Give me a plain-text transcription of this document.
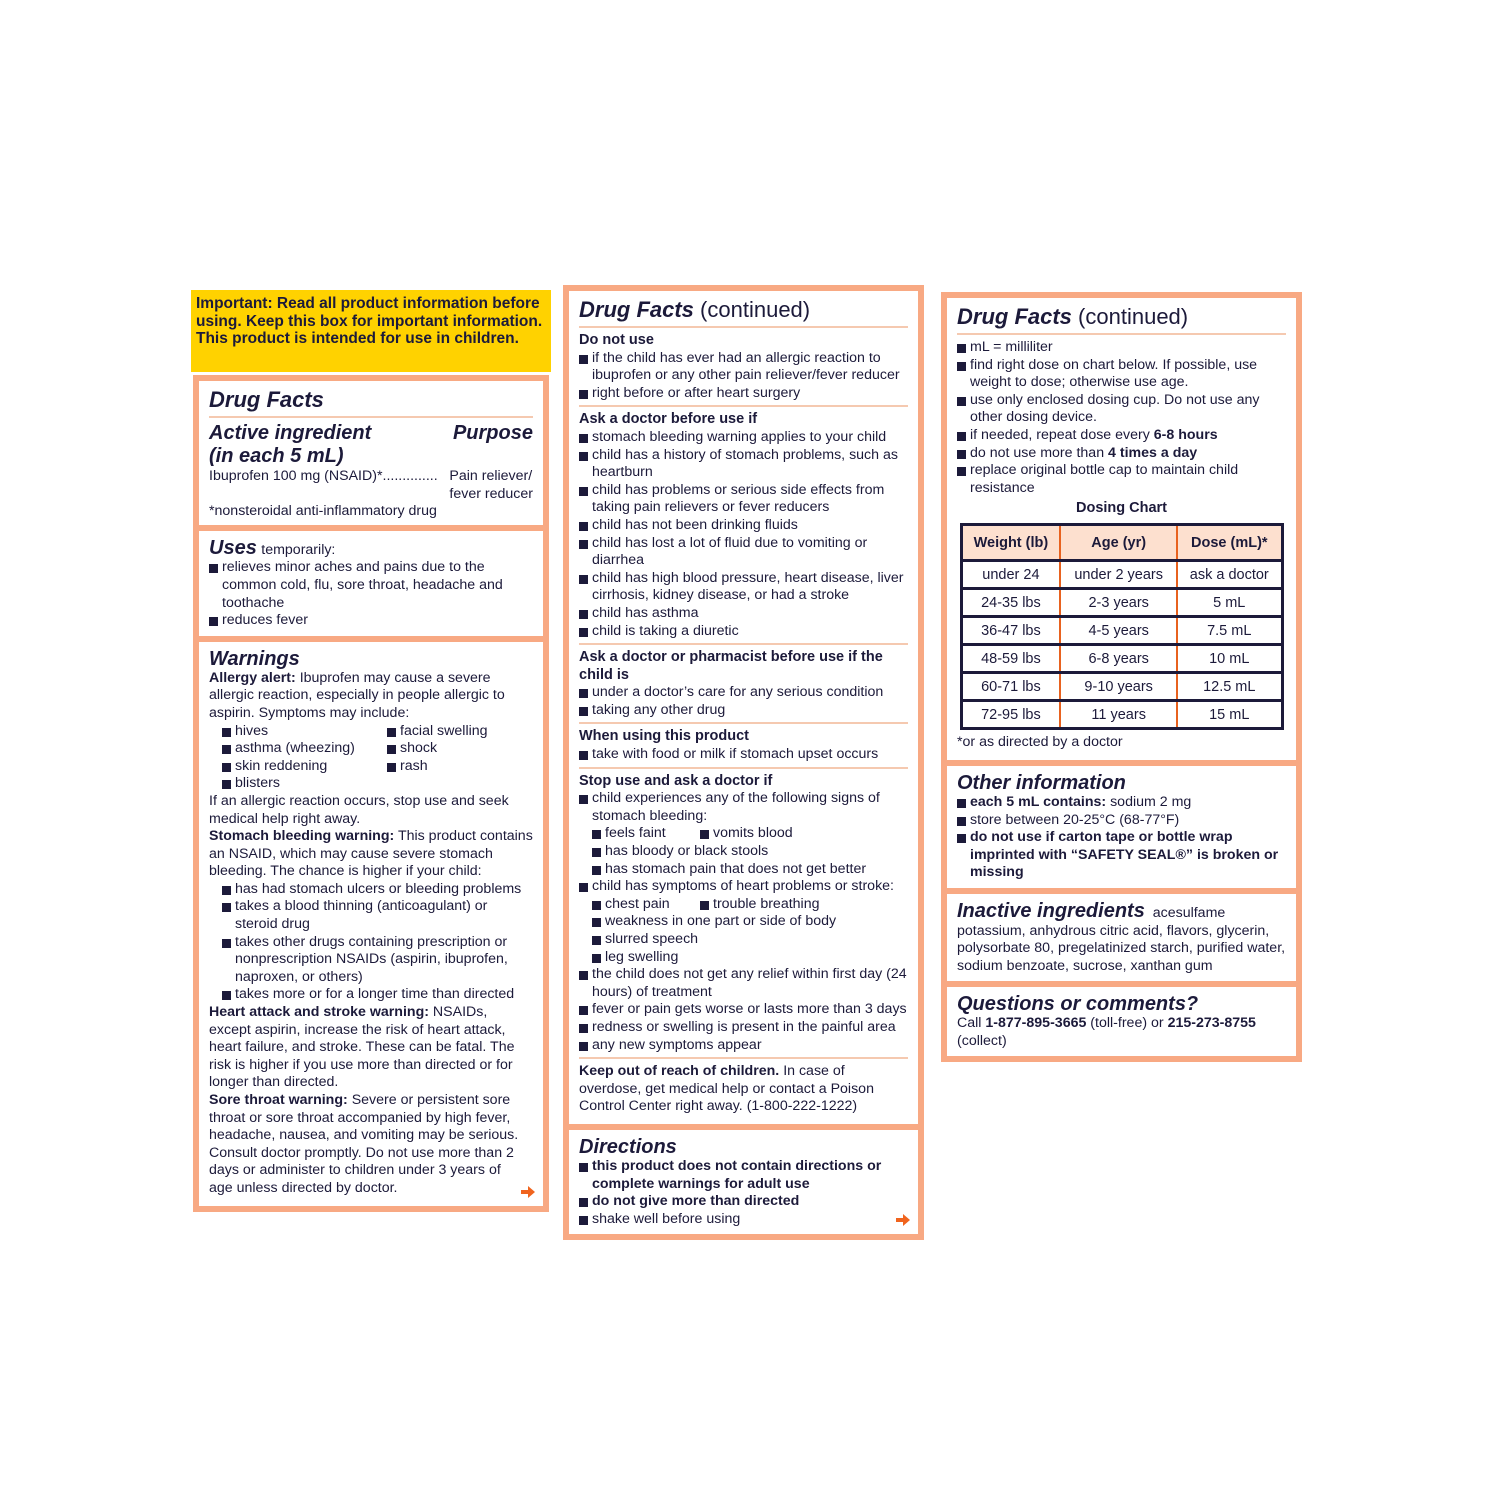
Important: Read all product information before using. Keep this box for important information. This product is intended for use in children.
Drug Facts
Active ingredient
(in each 5 mL)
Purpose
Ibuprofen 100 mg (NSAID)*.............. Pain reliever/
fever reducer
*nonsteroidal anti-inflammatory drug
Uses temporarily:
relieves minor aches and pains due to the common cold, flu, sore throat, headache and toothache
reduces fever
Warnings
Allergy alert: Ibuprofen may cause a severe allergic reaction, especially in people allergic to aspirin. Symptoms may include:
hives
asthma (wheezing)
skin reddening
blisters
facial swelling
shock
rash
If an allergic reaction occurs, stop use and seek medical help right away.
Stomach bleeding warning: This product contains an NSAID, which may cause severe stomach bleeding. The chance is higher if your child:
has had stomach ulcers or bleeding problems
takes a blood thinning (anticoagulant) or steroid drug
takes other drugs containing prescription or nonprescription NSAIDs (aspirin, ibuprofen, naproxen, or others)
takes more or for a longer time than directed
Heart attack and stroke warning: NSAIDs, except aspirin, increase the risk of heart attack, heart failure, and stroke. These can be fatal. The risk is higher if you use more than directed or for longer than directed.
Sore throat warning: Severe or persistent sore throat or sore throat accompanied by high fever, headache, nausea, and vomiting may be serious. Consult doctor promptly. Do not use more than 2 days or administer to children under 3 years of age unless directed by doctor.
Drug Facts (continued)
Do not use
if the child has ever had an allergic reaction to ibuprofen or any other pain reliever/fever reducer
right before or after heart surgery
Ask a doctor before use if
stomach bleeding warning applies to your child
child has a history of stomach problems, such as heartburn
child has problems or serious side effects from taking pain relievers or fever reducers
child has not been drinking fluids
child has lost a lot of fluid due to vomiting or diarrhea
child has high blood pressure, heart disease, liver cirrhosis, kidney disease, or had a stroke
child has asthma
child is taking a diuretic
Ask a doctor or pharmacist before use if the child is
under a doctor’s care for any serious condition
taking any other drug
When using this product
take with food or milk if stomach upset occurs
Stop use and ask a doctor if
child experiences any of the following signs of stomach bleeding:
feels faint	vomits blood
has bloody or black stools
has stomach pain that does not get better
child has symptoms of heart problems or stroke:
chest pain	trouble breathing
weakness in one part or side of body
slurred speech
leg swelling
the child does not get any relief within first day (24 hours) of treatment
fever or pain gets worse or lasts more than 3 days
redness or swelling is present in the painful area
any new symptoms appear
Keep out of reach of children. In case of overdose, get medical help or contact a Poison Control Center right away. (1-800-222-1222)
Directions
this product does not contain directions or complete warnings for adult use
do not give more than directed
shake well before using
Drug Facts (continued)
mL = milliliter
find right dose on chart below. If possible, use weight to dose; otherwise use age.
use only enclosed dosing cup. Do not use any other dosing device.
if needed, repeat dose every 6-8 hours
do not use more than 4 times a day
replace original bottle cap to maintain child resistance
Dosing Chart
Weight (lb)	Age (yr)	Dose (mL)*
under 24	under 2 years	ask a doctor
24-35 lbs	2-3 years	5 mL
36-47 lbs	4-5 years	7.5 mL
48-59 lbs	6-8 years	10 mL
60-71 lbs	9-10 years	12.5 mL
72-95 lbs	11 years	15 mL
*or as directed by a doctor
Other information
each 5 mL contains: sodium 2 mg
store between 20-25°C (68-77°F)
do not use if carton tape or bottle wrap imprinted with “SAFETY SEAL®” is broken or missing
Inactive ingredients acesulfame potassium, anhydrous citric acid, flavors, glycerin, polysorbate 80, pregelatinized starch, purified water, sodium benzoate, sucrose, xanthan gum
Questions or comments?
Call 1-877-895-3665 (toll-free) or 215-273-8755 (collect)
